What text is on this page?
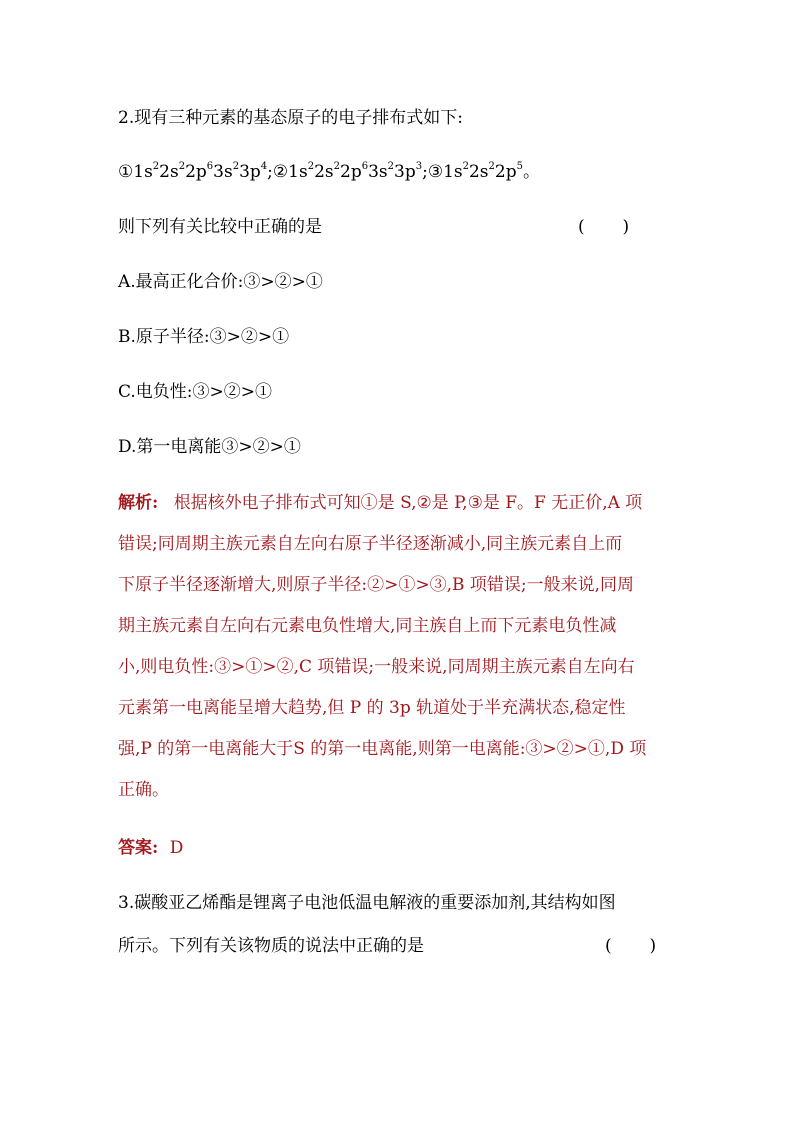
2.现有三种元素的基态原子的电子排布式如下:
$①1s^22s^22p^63s^23p^4;②1s^22s^22p^63s^23p^3;③1s^22s^22p^5$。
则下列有关比较中正确的是	(       )
A.最高正化合价:③>②>①
B.原子半径:③>②>①
C.电负性:③>②>①
D.第一电离能③>②>①
解析: 根据核外电子排布式可知①是 S,②是 P,③是 F。F 无正价,A 项
错误;同周期主族元素自左向右原子半径逐渐减小,同主族元素自上而
下原子半径逐渐增大,则原子半径:②>①>③,B 项错误;一般来说,同周
期主族元素自左向右元素电负性增大,同主族自上而下元素电负性减
小,则电负性:③>①>②,C 项错误;一般来说,同周期主族元素自左向右
元素第一电离能呈增大趋势,但 P 的 3p 轨道处于半充满状态,稳定性
强,P 的第一电离能大于S 的第一电离能,则第一电离能:③>②>①,D 项
正确。
答案: D
3.碳酸亚乙烯酯是锂离子电池低温电解液的重要添加剂,其结构如图
所示。下列有关该物质的说法中正确的是	(       )
